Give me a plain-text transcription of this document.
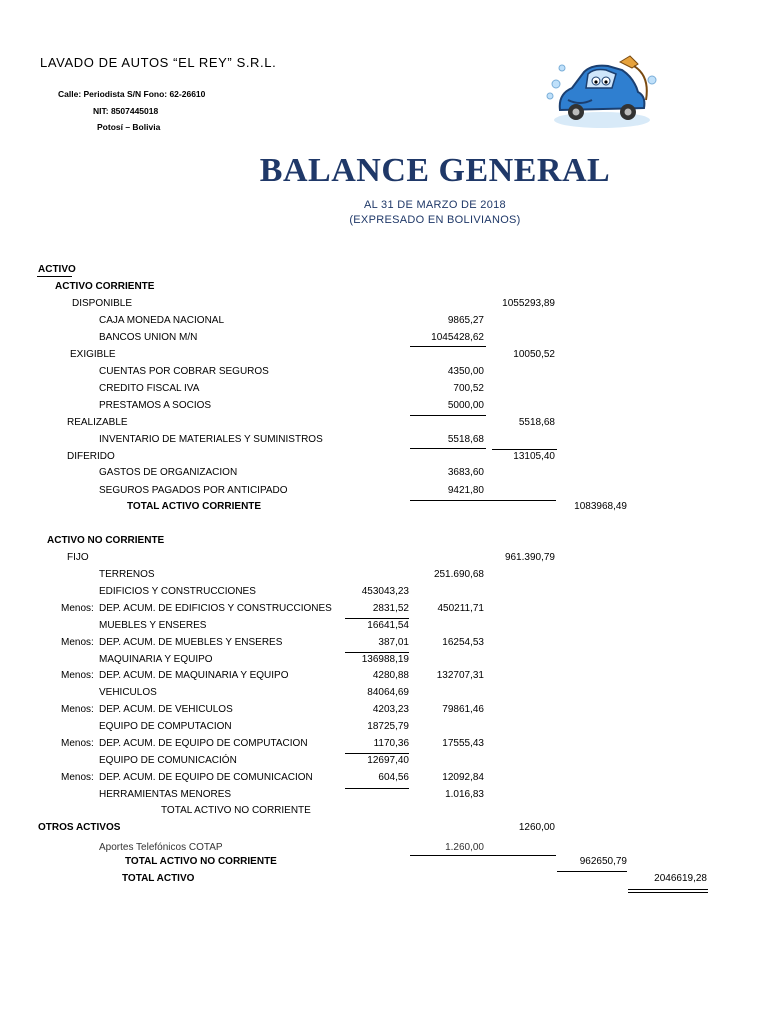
LAVADO DE AUTOS “EL REY” S.R.L.
Calle: Periodista S/N Fono: 62-26610
NIT: 8507445018
Potosí – Bolivia
BALANCE GENERAL
AL 31 DE MARZO DE 2018
(EXPRESADO EN BOLIVIANOS)
ACTIVO
ACTIVO CORRIENTE
DISPONIBLE	1055293,89
CAJA MONEDA NACIONAL	9865,27
BANCOS UNION M/N	1045428,62
EXIGIBLE	10050,52
CUENTAS POR COBRAR SEGUROS	4350,00
CREDITO FISCAL IVA	700,52
PRESTAMOS A SOCIOS	5000,00
REALIZABLE	5518,68
INVENTARIO DE MATERIALES Y SUMINISTROS	5518,68
DIFERIDO	13105,40
GASTOS DE ORGANIZACION	3683,60
SEGUROS PAGADOS POR ANTICIPADO	9421,80
TOTAL ACTIVO CORRIENTE	1083968,49
ACTIVO NO CORRIENTE
FIJO	961.390,79
TERRENOS	251.690,68
EDIFICIOS Y CONSTRUCCIONES	453043,23
Menos: DEP. ACUM. DE EDIFICIOS Y CONSTRUCCIONES	2831,52	450211,71
MUEBLES Y ENSERES	16641,54
Menos: DEP. ACUM. DE MUEBLES Y ENSERES	387,01	16254,53
MAQUINARIA Y EQUIPO	136988,19
Menos: DEP. ACUM. DE MAQUINARIA Y EQUIPO	4280,88	132707,31
VEHICULOS	84064,69
Menos: DEP. ACUM. DE VEHICULOS	4203,23	79861,46
EQUIPO DE COMPUTACION	18725,79
Menos: DEP. ACUM. DE EQUIPO DE COMPUTACION	1170,36	17555,43
EQUIPO DE COMUNICACIÓN	12697,40
Menos: DEP. ACUM. DE EQUIPO DE COMUNICACION	604,56	12092,84
HERRAMIENTAS MENORES	1.016,83
TOTAL ACTIVO NO CORRIENTE
OTROS ACTIVOS	1260,00
Aportes Telefónicos COTAP	1.260,00
TOTAL ACTIVO NO CORRIENTE	962650,79
TOTAL ACTIVO	2046619,28
